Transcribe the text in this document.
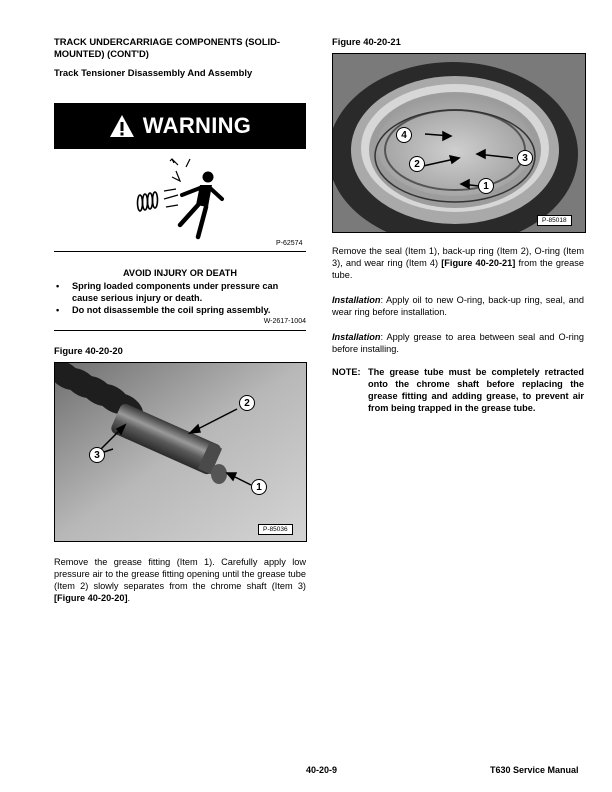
TRACK UNDERCARRIAGE COMPONENTS (SOLID-MOUNTED) (CONT'D)
Track Tensioner Disassembly And Assembly
WARNING
P-62574
AVOID INJURY OR DEATH
• Spring loaded components under pressure can cause serious injury or death.
• Do not disassemble the coil spring assembly.
W-2617-1004
Figure 40-20-20
2
1
3
P-85036
Remove the grease fitting (Item 1). Carefully apply low pressure air to the grease fitting opening until the grease tube (Item 2) slowly separates from the chrome shaft (Item 3) [Figure 40-20-20].
Figure 40-20-21
4
2
3
1
P-85018
Remove the seal (Item 1), back-up ring (Item 2), O-ring (Item 3), and wear ring (Item 4) [Figure 40-20-21] from the grease tube.
Installation: Apply oil to new O-ring, back-up ring, seal, and wear ring before installation.
Installation: Apply grease to area between seal and O-ring before installing.
NOTE: The grease tube must be completely retracted onto the chrome shaft before replacing the grease fitting and adding grease, to prevent air from being trapped in the grease tube.
40-20-9	T630 Service Manual
